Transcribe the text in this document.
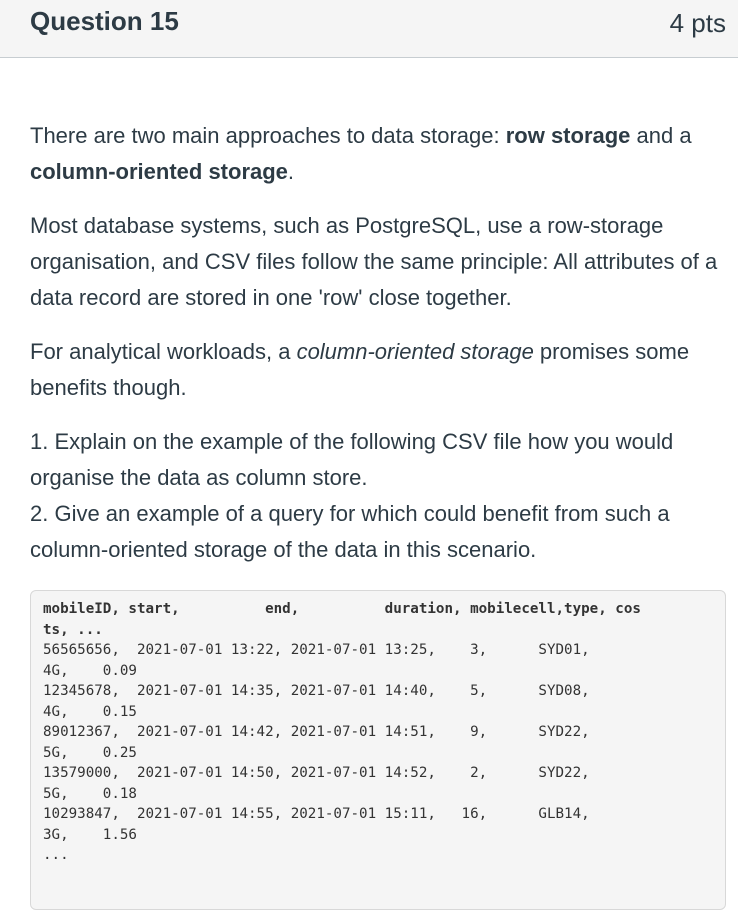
Question 15	4 pts

There are two main approaches to data storage: row storage and a column-oriented storage.

Most database systems, such as PostgreSQL, use a row-storage organisation, and CSV files follow the same principle: All attributes of a data record are stored in one 'row' close together.

For analytical workloads, a column-oriented storage promises some benefits though.

1. Explain on the example of the following CSV file how you would organise the data as column store.

2. Give an example of a query for which could benefit from such a column-oriented storage of the data in this scenario.

mobileID, start,          end,          duration, mobilecell,type, cos
ts, ...
56565656,  2021-07-01 13:22, 2021-07-01 13:25,    3,      SYD01,
4G,    0.09
12345678,  2021-07-01 14:35, 2021-07-01 14:40,    5,      SYD08,
4G,    0.15
89012367,  2021-07-01 14:42, 2021-07-01 14:51,    9,      SYD22,
5G,    0.25
13579000,  2021-07-01 14:50, 2021-07-01 14:52,    2,      SYD22,
5G,    0.18
10293847,  2021-07-01 14:55, 2021-07-01 15:11,   16,      GLB14,
3G,    1.56
...
